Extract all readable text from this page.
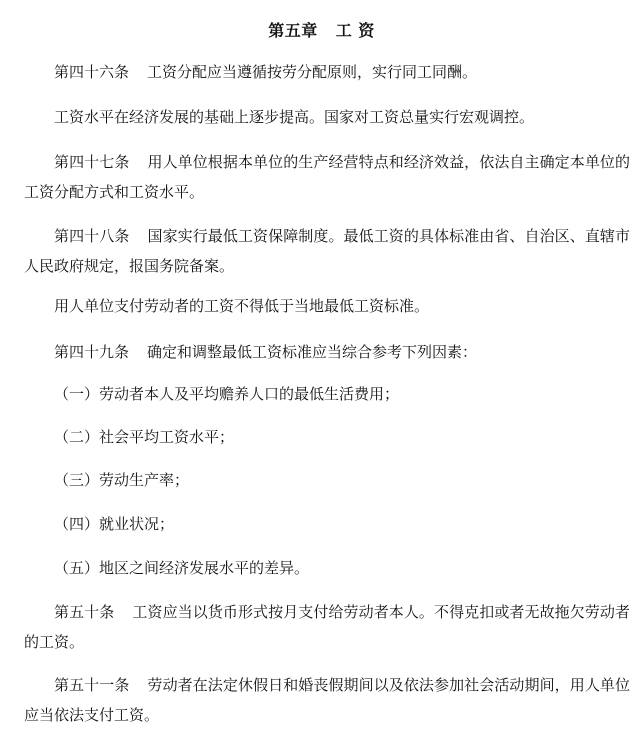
第五章 工 资

第四十六条 工资分配应当遵循按劳分配原则，实行同工同酬。

工资水平在经济发展的基础上逐步提高。国家对工资总量实行宏观调控。

第四十七条 用人单位根据本单位的生产经营特点和经济效益，依法自主确定本单位的工资分配方式和工资水平。

第四十八条 国家实行最低工资保障制度。最低工资的具体标准由省、自治区、直辖市人民政府规定，报国务院备案。

用人单位支付劳动者的工资不得低于当地最低工资标准。

第四十九条 确定和调整最低工资标准应当综合参考下列因素：

（一）劳动者本人及平均赡养人口的最低生活费用；

（二）社会平均工资水平；

（三）劳动生产率；

（四）就业状况；

（五）地区之间经济发展水平的差异。

第五十条 工资应当以货币形式按月支付给劳动者本人。不得克扣或者无故拖欠劳动者的工资。

第五十一条 劳动者在法定休假日和婚丧假期间以及依法参加社会活动期间，用人单位应当依法支付工资。
